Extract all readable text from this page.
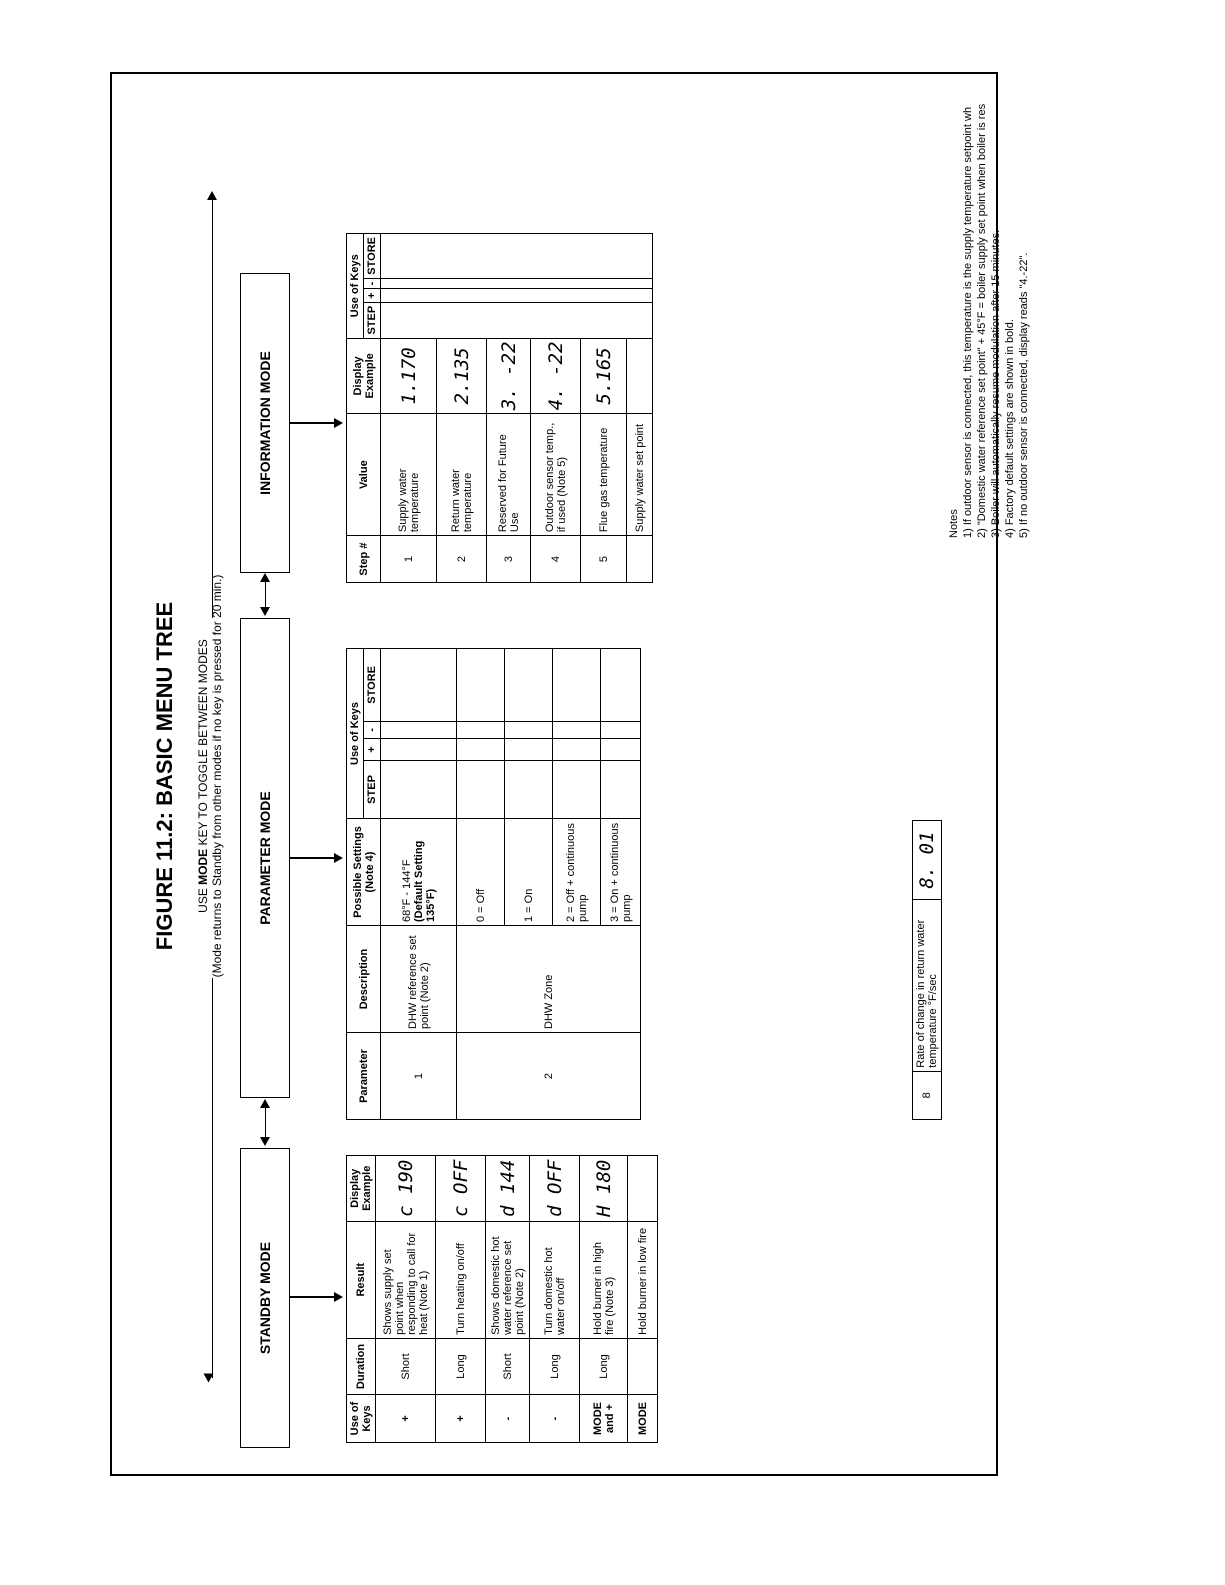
FIGURE 11.2: BASIC MENU TREE USE MODE KEY TO TOGGLE BETWEEN MODES (Mode returns to Standby from other modes if no key is pressed for 20 min.)
STANDBY MODE
PARAMETER MODE
INFORMATION MODE
Use of Keys	Duration	Result	Display Example
+	Short	Shows supply set point when responding to call for heat (Note 1)	c 190
+	Long	Turn heating on/off	c OFF
-	Short	Shows domestic hot water reference set point (Note 2)	d 144
-	Long	Turn domestic hot water on/off	d OFF
MODE and +	Long	Hold burner in high fire (Note 3)	H 180
MODE		Hold burner in low fire	
Parameter	Description	Possible Settings (Note 4)	Use of Keys			
			STEP	+	-	STORE
1	DHW reference set point (Note 2)	68°F - 144°F (Default Setting 135°F)				
2	DHW Zone	0 = Off				
		1 = On				
		2 = Off + continuous pump				
		3 = On + continuous pump				
Step #	Value	Display Example	Use of Keys			
			STEP	+	-	STORE
1	Supply water temperature	1.170				
2	Return water temperature	2.135				
3	Reserved for Future Use	3. -22				
4	Outdoor sensor temp., if used (Note 5)	4. -22				
5	Flue gas temperature	5.165				
	Supply water set point					
8	Rate of change in return water temperature °F/sec	8. 01
Notes 1) If outdoor sensor is connected, this temperature is the supply temperature setpoint wh 2) "Domestic water reference set point" + 45°F = boiler supply set point when boiler is res 3) Boiler will automatically resume modulation after 15 minutes. 4) Factory default settings are shown in bold. 5) If no outdoor sensor is connected, display reads "4.-22".
